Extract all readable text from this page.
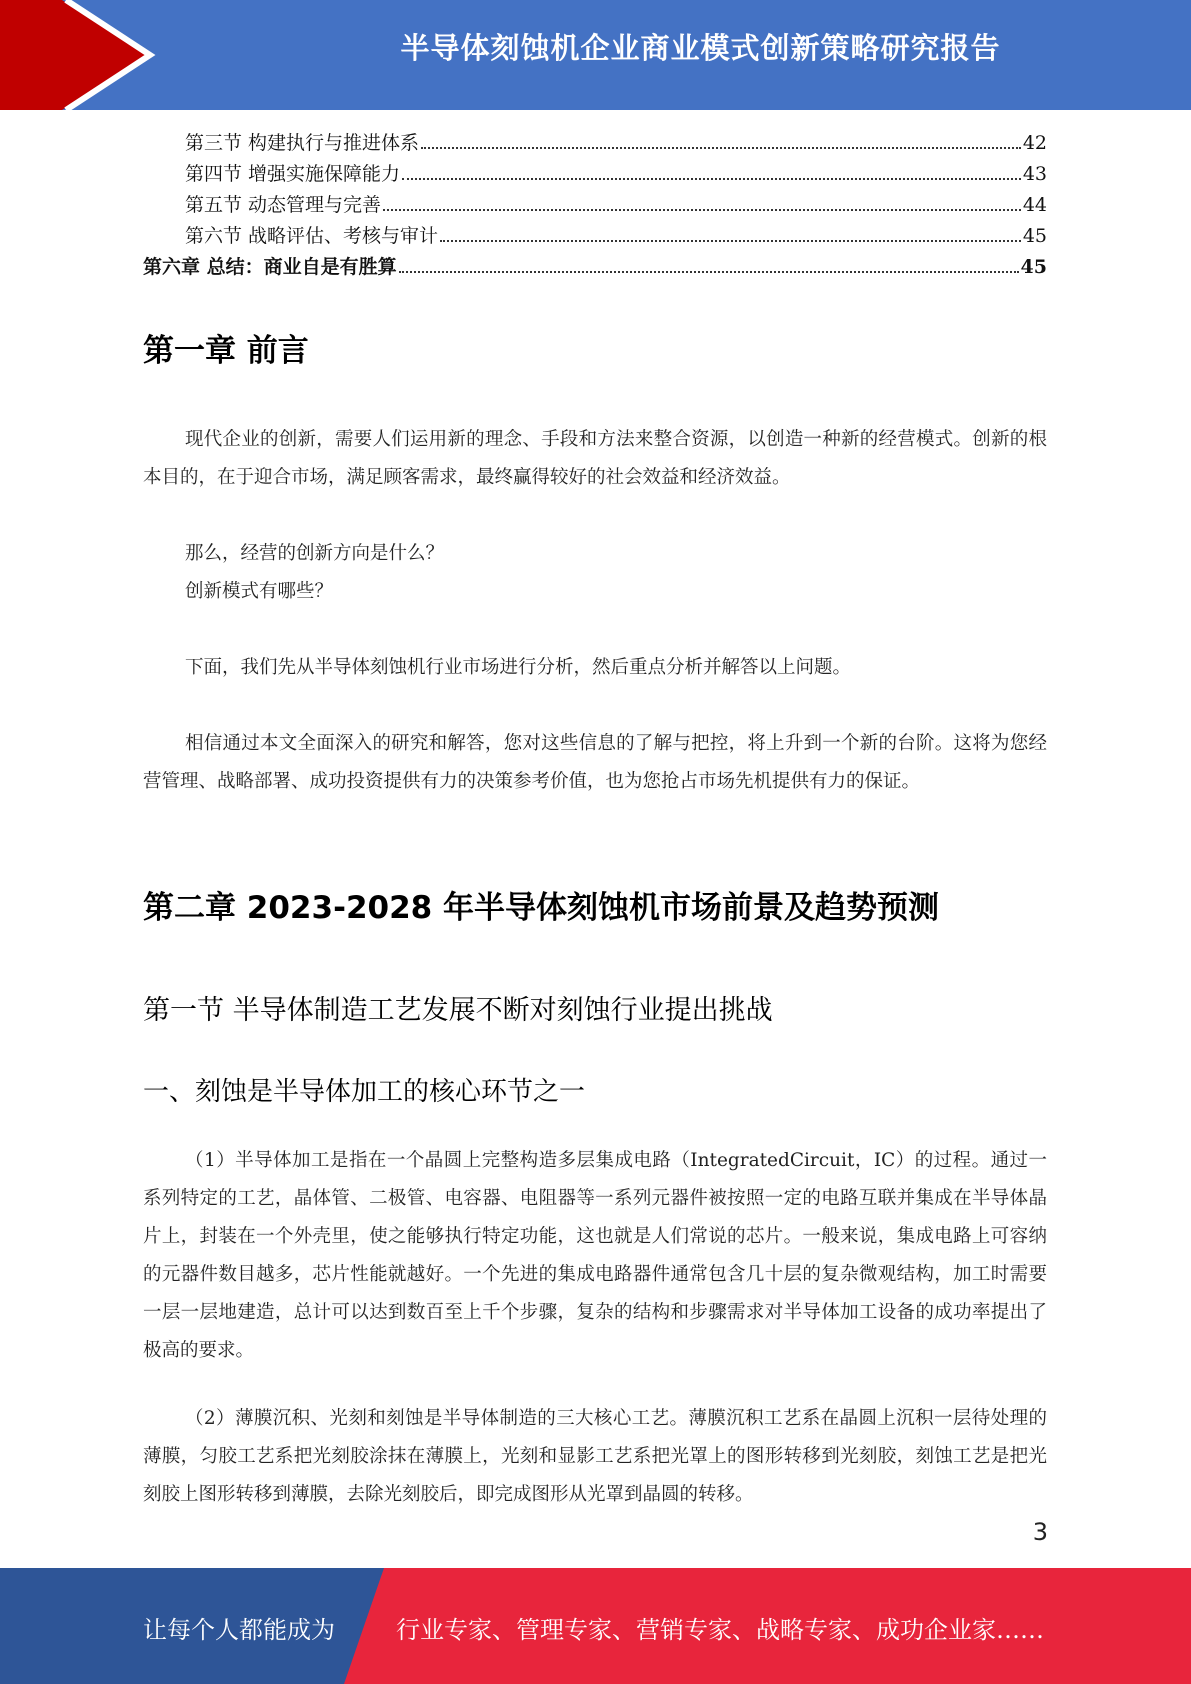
半导体刻蚀机企业商业模式创新策略研究报告
第三节 构建执行与推进体系	42
第四节 增强实施保障能力	43
第五节 动态管理与完善	44
第六节 战略评估、考核与审计	45
第六章 总结：商业自是有胜算	45
第一章 前言

现代企业的创新，需要人们运用新的理念、手段和方法来整合资源，以创造一种新的经营模式。创新的根本目的，在于迎合市场，满足顾客需求，最终赢得较好的社会效益和经济效益。

那么，经营的创新方向是什么？

创新模式有哪些？

下面，我们先从半导体刻蚀机行业市场进行分析，然后重点分析并解答以上问题。

相信通过本文全面深入的研究和解答，您对这些信息的了解与把控，将上升到一个新的台阶。这将为您经营管理、战略部署、成功投资提供有力的决策参考价值，也为您抢占市场先机提供有力的保证。

第二章 2023-2028 年半导体刻蚀机市场前景及趋势预测
第一节 半导体制造工艺发展不断对刻蚀行业提出挑战
一、刻蚀是半导体加工的核心环节之一

（1）半导体加工是指在一个晶圆上完整构造多层集成电路（IntegratedCircuit，IC）的过程。通过一系列特定的工艺，晶体管、二极管、电容器、电阻器等一系列元器件被按照一定的电路互联并集成在半导体晶片上，封装在一个外壳里，使之能够执行特定功能，这也就是人们常说的芯片。一般来说，集成电路上可容纳的元器件数目越多，芯片性能就越好。一个先进的集成电路器件通常包含几十层的复杂微观结构，加工时需要一层一层地建造，总计可以达到数百至上千个步骤，复杂的结构和步骤需求对半导体加工设备的成功率提出了极高的要求。

（2）薄膜沉积、光刻和刻蚀是半导体制造的三大核心工艺。薄膜沉积工艺系在晶圆上沉积一层待处理的薄膜，匀胶工艺系把光刻胶涂抹在薄膜上，光刻和显影工艺系把光罩上的图形转移到光刻胶，刻蚀工艺是把光刻胶上图形转移到薄膜，去除光刻胶后，即完成图形从光罩到晶圆的转移。

3
让每个人都能成为	行业专家、管理专家、营销专家、战略专家、成功企业家……
